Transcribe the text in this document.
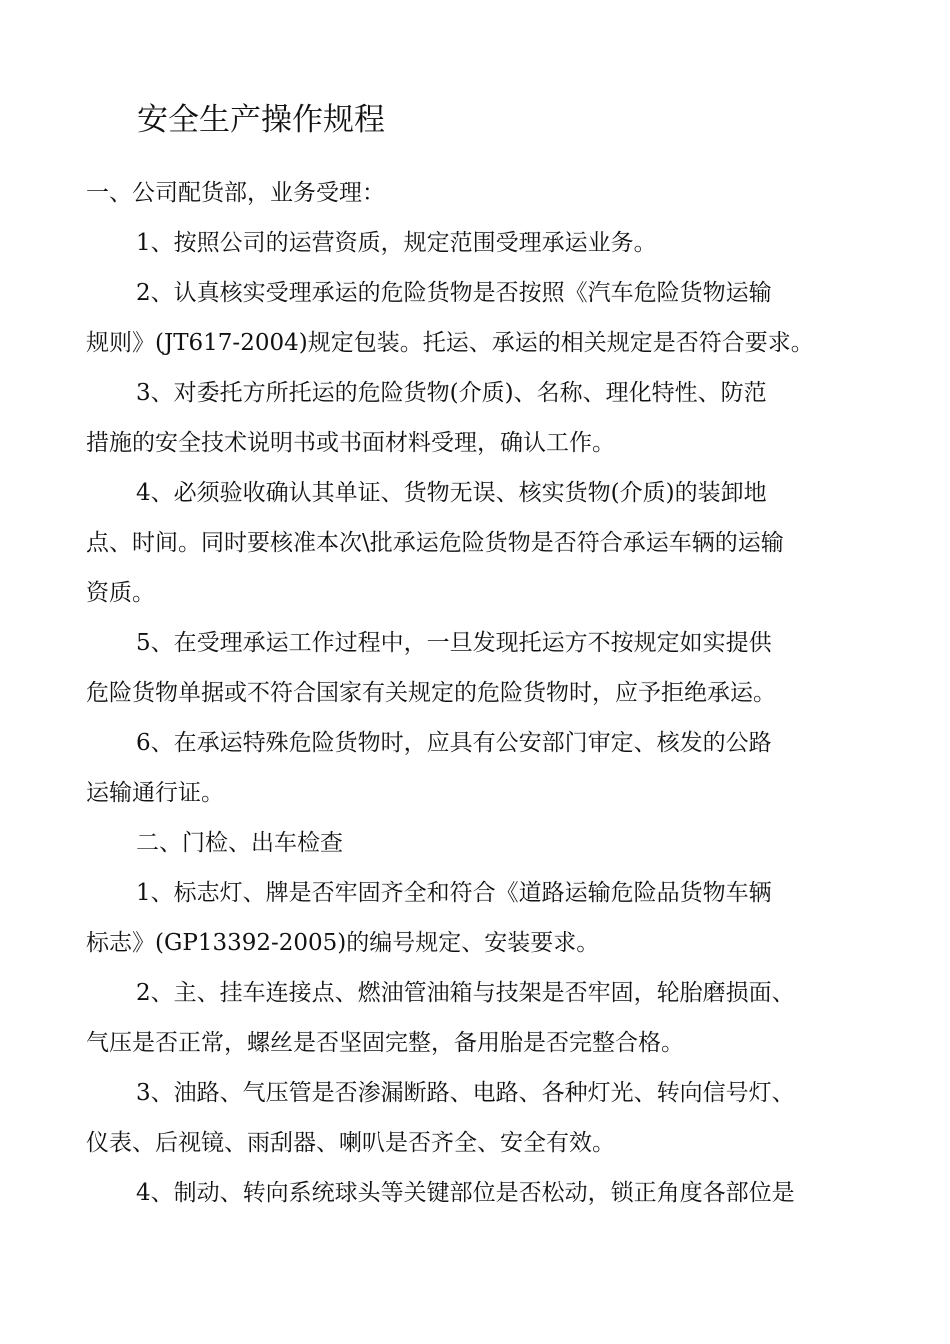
安全生产操作规程

一、公司配货部，业务受理：

1、按照公司的运营资质，规定范围受理承运业务。

2、认真核实受理承运的危险货物是否按照《汽车危险货物运输
规则》(JT617-2004)规定包装。托运、承运的相关规定是否符合要求。

3、对委托方所托运的危险货物(介质)、名称、理化特性、防范
措施的安全技术说明书或书面材料受理，确认工作。

4、必须验收确认其单证、货物无误、核实货物(介质)的装卸地
点、时间。同时要核准本次\批承运危险货物是否符合承运车辆的运输
资质。

5、在受理承运工作过程中，一旦发现托运方不按规定如实提供
危险货物单据或不符合国家有关规定的危险货物时，应予拒绝承运。

6、在承运特殊危险货物时，应具有公安部门审定、核发的公路
运输通行证。

二、门检、出车检查

1、标志灯、牌是否牢固齐全和符合《道路运输危险品货物车辆
标志》(GP13392-2005)的编号规定、安装要求。

2、主、挂车连接点、燃油管油箱与技架是否牢固，轮胎磨损面、
气压是否正常，螺丝是否坚固完整，备用胎是否完整合格。

3、油路、气压管是否渗漏断路、电路、各种灯光、转向信号灯、
仪表、后视镜、雨刮器、喇叭是否齐全、安全有效。

4、制动、转向系统球头等关键部位是否松动，锁正角度各部位是
